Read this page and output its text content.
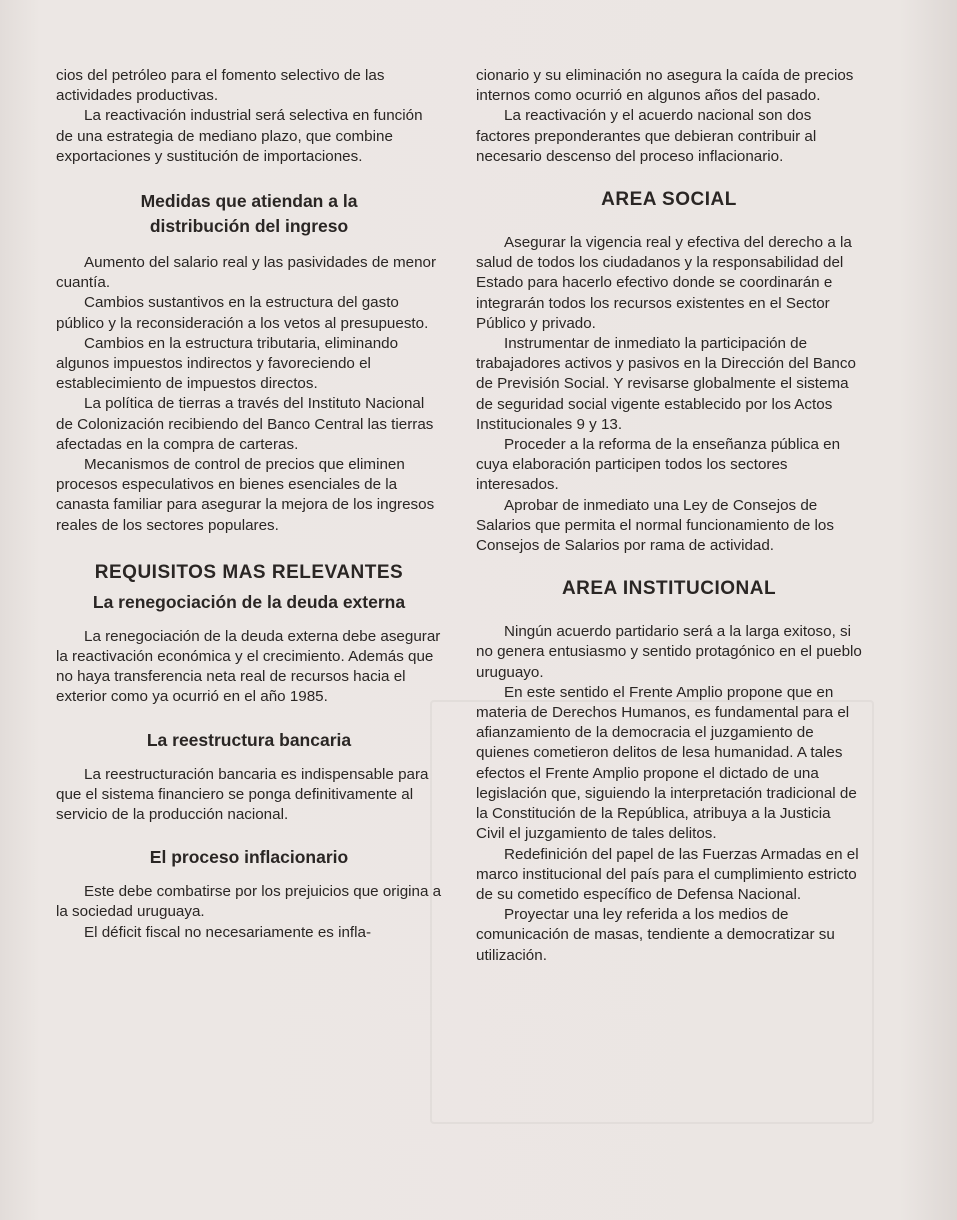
cios del petróleo para el fomento selectivo de las actividades productivas.

La reactivación industrial será selectiva en función de una estrategia de mediano plazo, que combine exportaciones y sustitución de importaciones.

Medidas que atiendan a la

distribución del ingreso

Aumento del salario real y las pasividades de menor cuantía.

Cambios sustantivos en la estructura del gasto público y la reconsideración a los vetos al presupuesto.

Cambios en la estructura tributaria, eliminando algunos impuestos indirectos y favoreciendo el establecimiento de impuestos directos.

La política de tierras a través del Instituto Nacional de Colonización recibiendo del Banco Central las tierras afectadas en la compra de carteras.

Mecanismos de control de precios que eliminen procesos especulativos en bienes esenciales de la canasta familiar para asegurar la mejora de los ingresos reales de los sectores populares.

REQUISITOS MAS RELEVANTES

La renegociación de la deuda externa

La renegociación de la deuda externa debe asegurar la reactivación económica y el crecimiento. Además que no haya transferencia neta real de recursos hacia el exterior como ya ocurrió en el año 1985.

La reestructura bancaria

La reestructuración bancaria es indispensable para que el sistema financiero se ponga definitivamente al servicio de la producción nacional.

El proceso inflacionario

Este debe combatirse por los prejuicios que origina a la sociedad uruguaya.

El déficit fiscal no necesariamente es infla-

cionario y su eliminación no asegura la caída de precios internos como ocurrió en algunos años del pasado.

La reactivación y el acuerdo nacional son dos factores preponderantes que debieran contribuir al necesario descenso del proceso inflacionario.

AREA SOCIAL

Asegurar la vigencia real y efectiva del derecho a la salud de todos los ciudadanos y la responsabilidad del Estado para hacerlo efectivo donde se coordinarán e integrarán todos los recursos existentes en el Sector Público y privado.

Instrumentar de inmediato la participación de trabajadores activos y pasivos en la Dirección del Banco de Previsión Social. Y revisarse globalmente el sistema de seguridad social vigente establecido por los Actos Institucionales 9 y 13.

Proceder a la reforma de la enseñanza pública en cuya elaboración participen todos los sectores interesados.

Aprobar de inmediato una Ley de Consejos de Salarios que permita el normal funcionamiento de los Consejos de Salarios por rama de actividad.

AREA INSTITUCIONAL

Ningún acuerdo partidario será a la larga exitoso, si no genera entusiasmo y sentido protagónico en el pueblo uruguayo.

En este sentido el Frente Amplio propone que en materia de Derechos Humanos, es fundamental para el afianzamiento de la democracia el juzgamiento de quienes cometieron delitos de lesa humanidad. A tales efectos el Frente Amplio propone el dictado de una legislación que, siguiendo la interpretación tradicional de la Constitución de la República, atribuya a la Justicia Civil el juzgamiento de tales delitos.

Redefinición del papel de las Fuerzas Armadas en el marco institucional del país para el cumplimiento estricto de su cometido específico de Defensa Nacional.

Proyectar una ley referida a los medios de comunicación de masas, tendiente a democratizar su utilización.
